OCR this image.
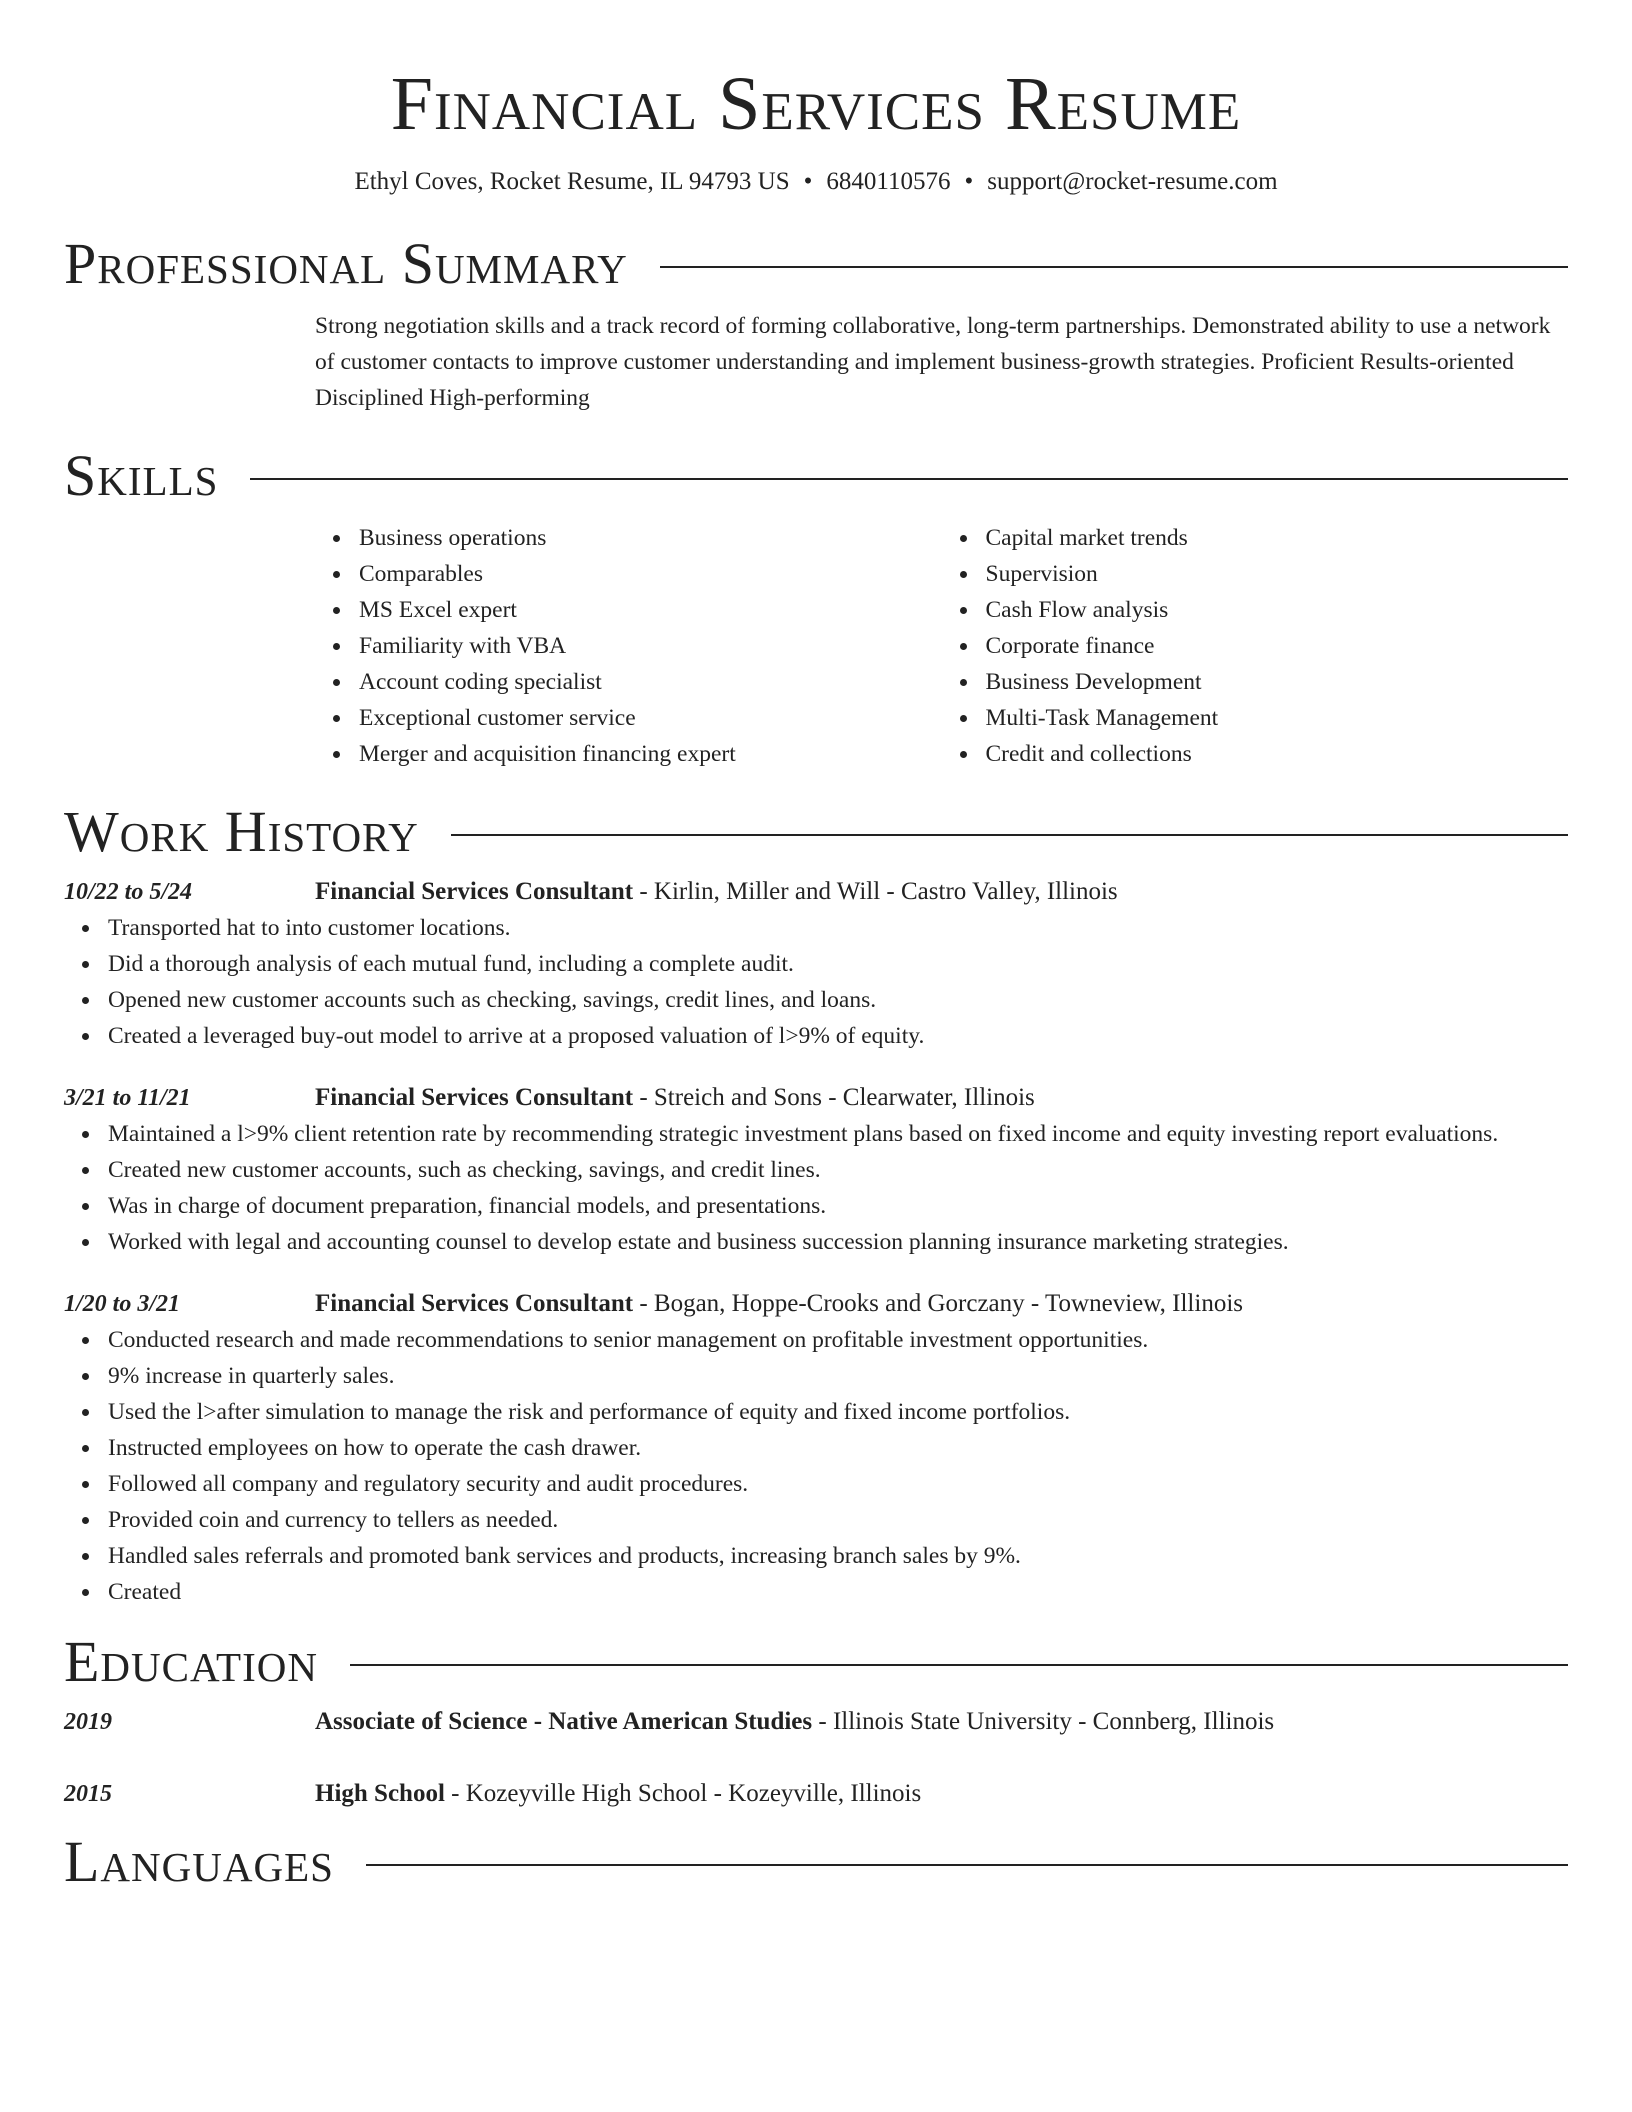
Financial Services Resume
Ethyl Coves, Rocket Resume, IL 94793 US • 6840110576 • support@rocket-resume.com
Professional Summary
Strong negotiation skills and a track record of forming collaborative, long-term partnerships. Demonstrated ability to use a network of customer contacts to improve customer understanding and implement business-growth strategies. Proficient Results-oriented Disciplined High-performing
Skills
Business operations
Comparables
MS Excel expert
Familiarity with VBA
Account coding specialist
Exceptional customer service
Merger and acquisition financing expert
Capital market trends
Supervision
Cash Flow analysis
Corporate finance
Business Development
Multi-Task Management
Credit and collections
Work History
10/22 to 5/24	Financial Services Consultant - Kirlin, Miller and Will - Castro Valley, Illinois
Transported hat to into customer locations.
Did a thorough analysis of each mutual fund, including a complete audit.
Opened new customer accounts such as checking, savings, credit lines, and loans.
Created a leveraged buy-out model to arrive at a proposed valuation of l>9% of equity.
3/21 to 11/21	Financial Services Consultant - Streich and Sons - Clearwater, Illinois
Maintained a l>9% client retention rate by recommending strategic investment plans based on fixed income and equity investing report evaluations.
Created new customer accounts, such as checking, savings, and credit lines.
Was in charge of document preparation, financial models, and presentations.
Worked with legal and accounting counsel to develop estate and business succession planning insurance marketing strategies.
1/20 to 3/21	Financial Services Consultant - Bogan, Hoppe-Crooks and Gorczany - Towneview, Illinois
Conducted research and made recommendations to senior management on profitable investment opportunities.
9% increase in quarterly sales.
Used the l>after simulation to manage the risk and performance of equity and fixed income portfolios.
Instructed employees on how to operate the cash drawer.
Followed all company and regulatory security and audit procedures.
Provided coin and currency to tellers as needed.
Handled sales referrals and promoted bank services and products, increasing branch sales by 9%.
Created
Education
2019	Associate of Science - Native American Studies - Illinois State University - Connberg, Illinois
2015	High School - Kozeyville High School - Kozeyville, Illinois
Languages
